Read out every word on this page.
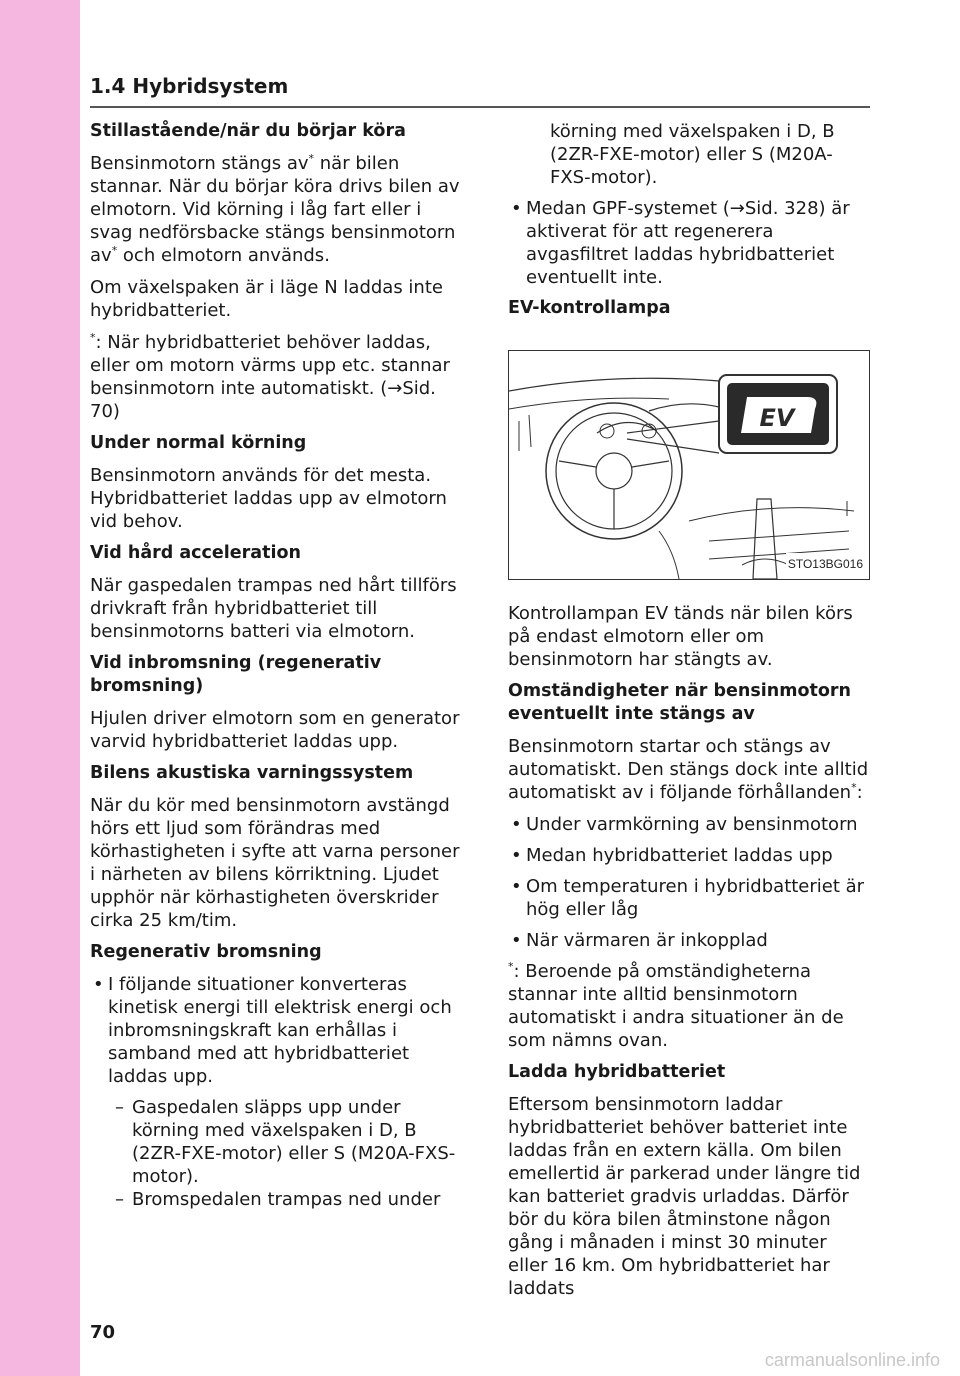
1.4 Hybridsystem
Stillastående/när du börjar köra

Bensinmotorn stängs av* när bilen stannar. När du börjar köra drivs bilen av elmotorn. Vid körning i låg fart eller i svag nedförsbacke stängs bensinmotorn av* och elmotorn används.

Om växelspaken är i läge N laddas inte hybridbatteriet.

*: När hybridbatteriet behöver laddas, eller om motorn värms upp etc. stannar bensinmotorn inte automatiskt. (→Sid. 70)

Under normal körning

Bensinmotorn används för det mesta. Hybridbatteriet laddas upp av elmotorn vid behov.

Vid hård acceleration

När gaspedalen trampas ned hårt tillförs drivkraft från hybridbatteriet till bensinmotorns batteri via elmotorn.

Vid inbromsning (regenerativ bromsning)

Hjulen driver elmotorn som en generator varvid hybridbatteriet laddas upp.

Bilens akustiska varningssystem

När du kör med bensinmotorn avstängd hörs ett ljud som förändras med körhastigheten i syfte att varna personer i närheten av bilens körriktning. Ljudet upphör när körhastigheten överskrider cirka 25 km/tim.

Regenerativ bromsning
• I följande situationer konverteras kinetisk energi till elektrisk energi och inbromsningskraft kan erhållas i samband med att hybridbatteriet laddas upp.
– Gaspedalen släpps upp under körning med växelspaken i D, B (2ZR-FXE-motor) eller S (M20A-FXS-motor).
– Bromspedalen trampas ned under
körning med växelspaken i D, B (2ZR-FXE-motor) eller S (M20A-FXS-motor).
• Medan GPF-systemet (→Sid. 328) är aktiverat för att regenerera avgasfiltret laddas hybridbatteriet eventuellt inte.
EV-kontrollampa
EV
STO13BG016

Kontrollampan EV tänds när bilen körs på endast elmotorn eller om bensinmotorn har stängts av.

Omständigheter när bensinmotorn eventuellt inte stängs av

Bensinmotorn startar och stängs av automatiskt. Den stängs dock inte alltid automatiskt av i följande förhållanden*:

• Under varmkörning av bensinmotorn
• Medan hybridbatteriet laddas upp
• Om temperaturen i hybridbatteriet är hög eller låg
• När värmaren är inkopplad

*: Beroende på omständigheterna stannar inte alltid bensinmotorn automatiskt i andra situationer än de som nämns ovan.

Ladda hybridbatteriet

Eftersom bensinmotorn laddar hybridbatteriet behöver batteriet inte laddas från en extern källa. Om bilen emellertid är parkerad under längre tid kan batteriet gradvis urladdas. Därför bör du köra bilen åtminstone någon gång i månaden i minst 30 minuter eller 16 km. Om hybridbatteriet har laddats

70
carmanualsonline.info
